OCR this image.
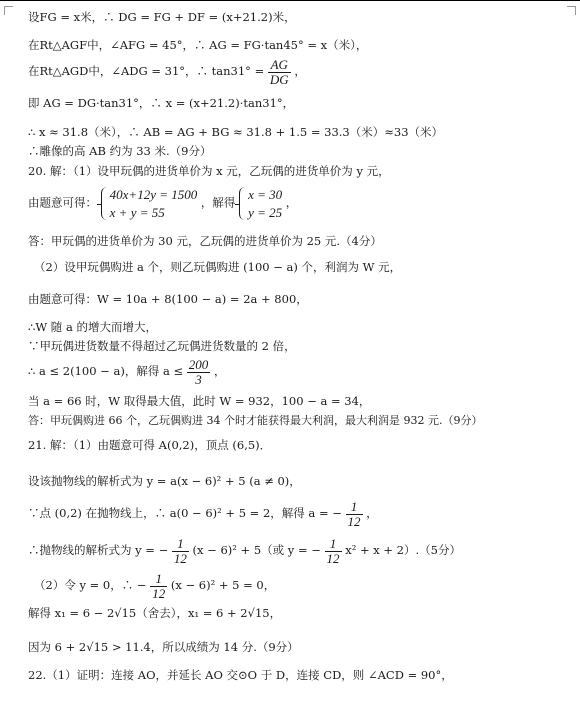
设FG = x米，∴ DG = FG + DF = (x+21.2)米，
在Rt△AGF中，∠AFG = 45°，∴ AG = FG·tan45° = x（米），
在Rt△AGD中，∠ADG = 31°，∴ $\tan 31^\circ = \frac{AG}{DG}$ ，
即 AG = DG·tan31°，∴ x = (x+21.2)·tan31°，
∴ x ≈ 31.8（米），∴ AB = AG + BG ≈ 31.8 + 1.5 = 33.3（米）≈33（米）
∴雕像的高 AB 约为 33 米.（9分）
20. 解：（1）设甲玩偶的进货单价为 x 元，乙玩偶的进货单价为 y 元，
由题意可得：
40x+12y = 1500
x + y = 55
，解得
x = 30
y = 25
，
答：甲玩偶的进货单价为 30 元，乙玩偶的进货单价为 25 元.（4分）
（2）设甲玩偶购进 a 个，则乙玩偶购进 (100 − a) 个，利润为 W 元，
由题意可得：W = 10a + 8(100 − a) = 2a + 800，
∴W 随 a 的增大而增大，
∵甲玩偶进货数量不得超过乙玩偶进货数量的 2 倍，
∴ a ≤ 2(100 − a)，解得 $a \le \frac{200}{3}$ ，
当 a = 66 时，W 取得最大值，此时 W = 932，100 − a = 34，
答：甲玩偶购进 66 个，乙玩偶购进 34 个时才能获得最大利润，最大利润是 932 元.（9分）
21. 解：（1）由题意可得 A(0,2)，顶点 (6,5)．
设该抛物线的解析式为 y = a(x − 6)² + 5 (a ≠ 0)，
∵点 (0,2) 在抛物线上，∴ a(0 − 6)² + 5 = 2，解得 a = − $\frac{1}{12}$ ，
∴抛物线的解析式为 y = − $\frac{1}{12} (x - 6)^2 + 5$（或 y = − $\frac{1}{12} x^2 + x + 2).(5$分）
（2）令 y = 0，∴ − $\frac{1}{12} (x - 6)^2 + 5 = 0$，
解得 x₁ = 6 − 2√15（舍去），x₁ = 6 + 2√15，
因为 6 + 2√15 > 11.4，所以成绩为 14 分.（9分）
22.（1）证明：连接 AO，并延长 AO 交⊙O 于 D，连接 CD，则 ∠ACD = 90°，
